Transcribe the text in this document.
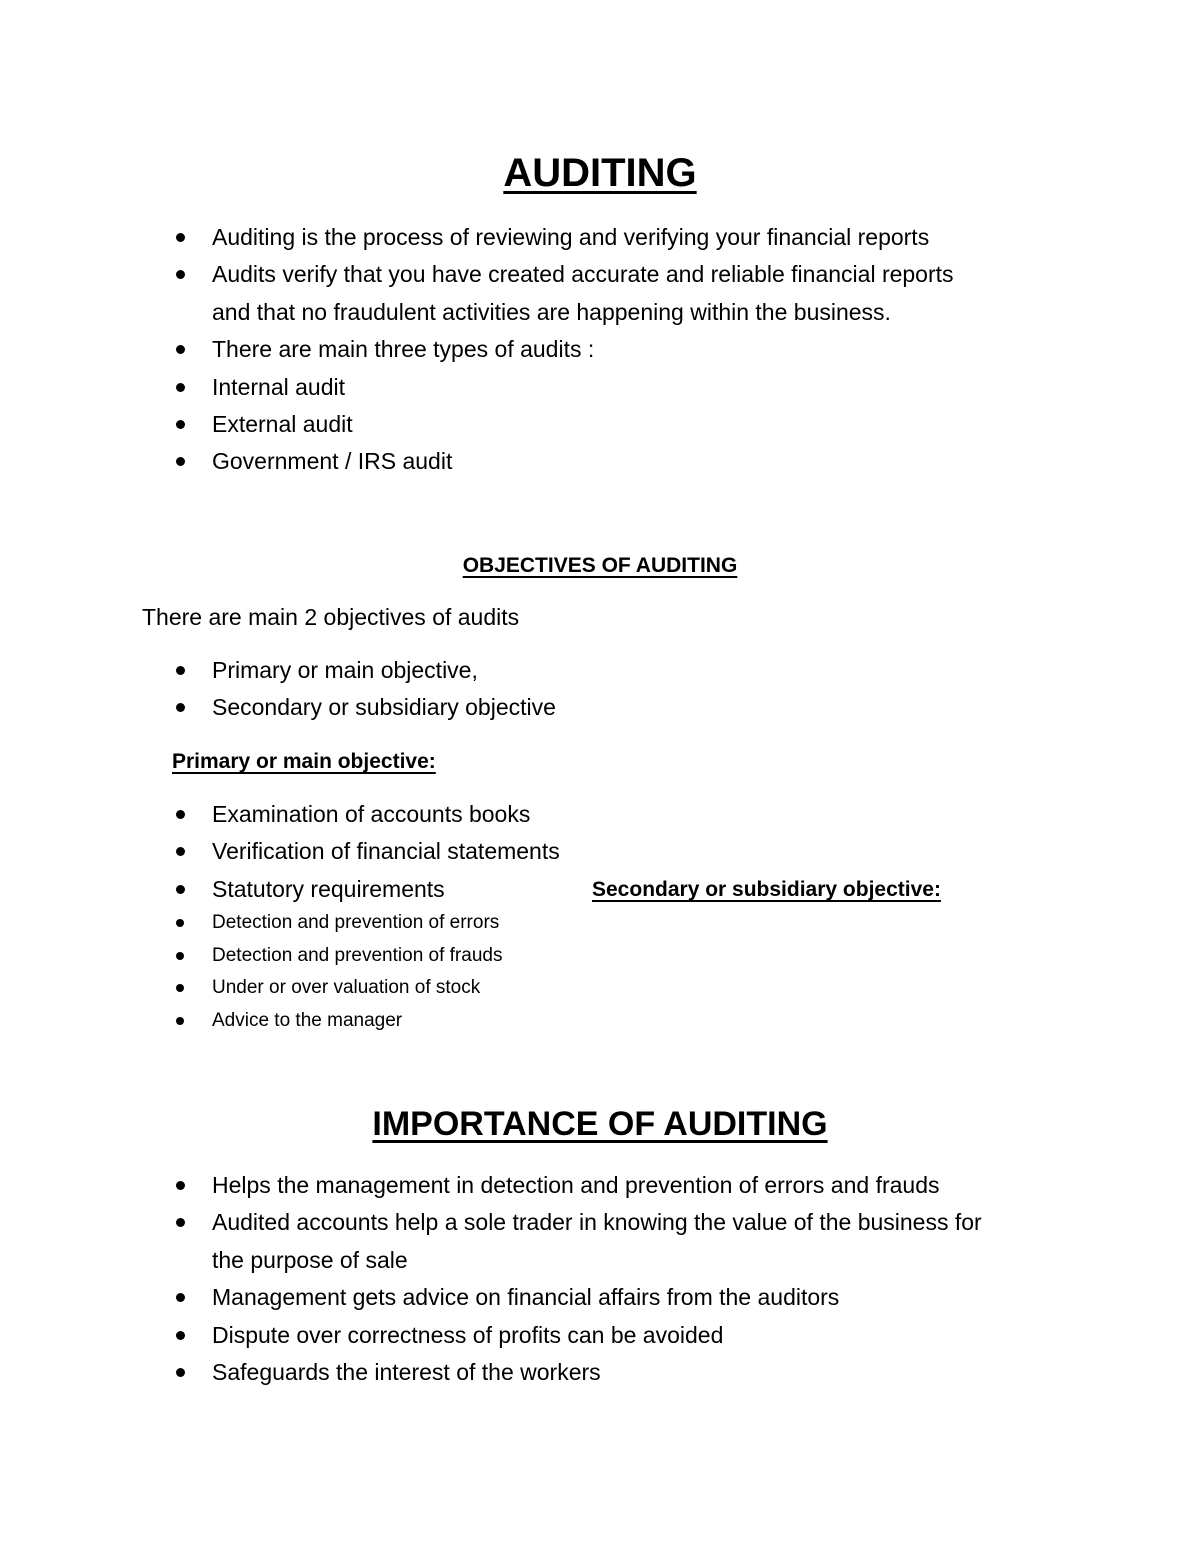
AUDITING
Auditing is the process of reviewing and verifying your financial reports
Audits verify that you have created accurate and reliable financial reports
and that no fraudulent activities are happening within the business.
There are main three types of audits :
Internal audit
External audit
Government / IRS audit
OBJECTIVES OF AUDITING

There are main 2 objectives of audits

Primary or main objective,
Secondary or subsidiary objective
Primary or main objective:
Examination of accounts books
Verification of financial statements
Statutory requirements	Secondary or subsidiary objective:
Detection and prevention of errors
Detection and prevention of frauds
Under or over valuation of stock
Advice to the manager
IMPORTANCE OF AUDITING
Helps the management in detection and prevention of errors and frauds
Audited accounts help a sole trader in knowing the value of the business for
the purpose of sale
Management gets advice on financial affairs from the auditors
Dispute over correctness of profits can be avoided
Safeguards the interest of the workers
